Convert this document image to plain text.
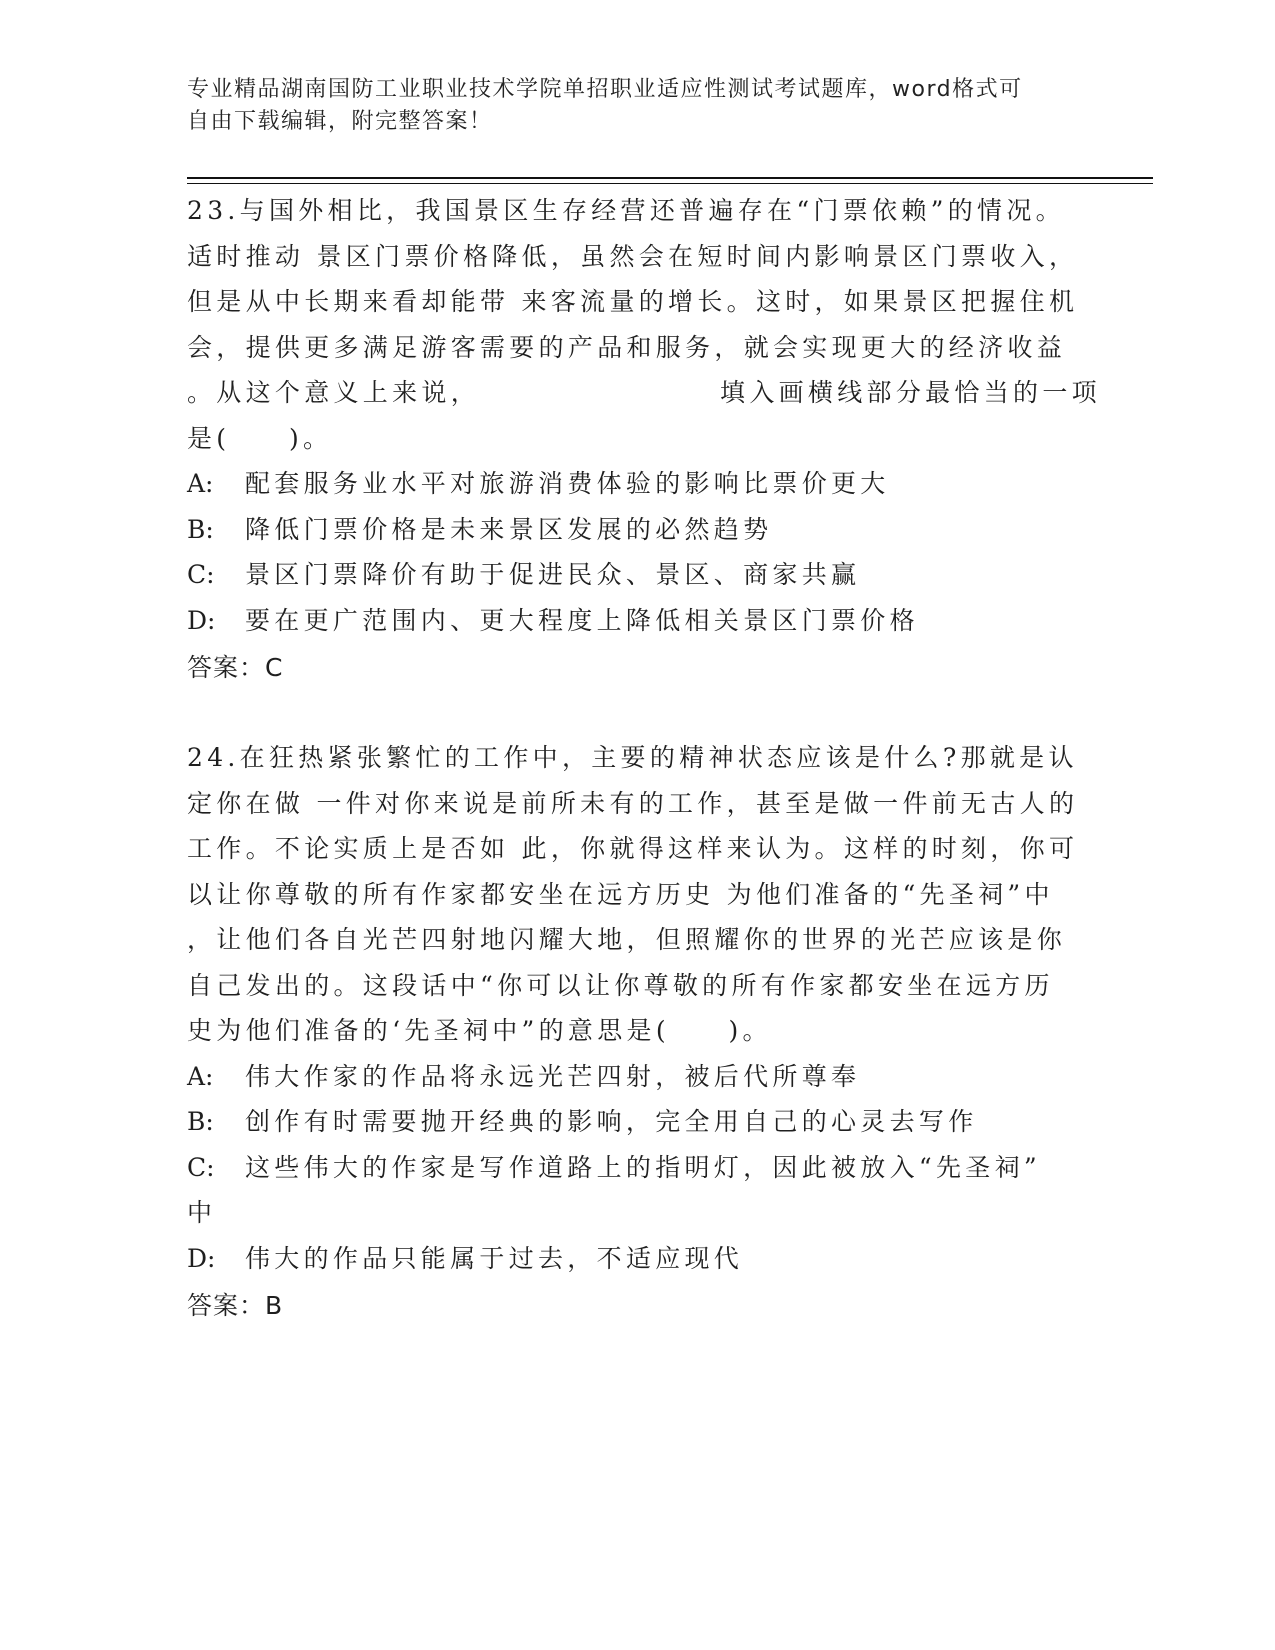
专业精品湖南国防工业职业技术学院单招职业适应性测试考试题库，word格式可
自由下载编辑，附完整答案！
23.与国外相比，我国景区生存经营还普遍存在“门票依赖”的情况。
适时推动 景区门票价格降低，虽然会在短时间内影响景区门票收入，
但是从中长期来看却能带 来客流量的增长。这时，如果景区把握住机
会，提供更多满足游客需要的产品和服务，就会实现更大的经济收益
。从这个意义上来说，	填入画横线部分最恰当的一项
是(　　)。
A: 配套服务业水平对旅游消费体验的影响比票价更大
B: 降低门票价格是未来景区发展的必然趋势
C: 景区门票降价有助于促进民众、景区、商家共赢
D: 要在更广范围内、更大程度上降低相关景区门票价格
答案：C
24.在狂热紧张繁忙的工作中，主要的精神状态应该是什么?那就是认
定你在做 一件对你来说是前所未有的工作，甚至是做一件前无古人的
工作。不论实质上是否如 此，你就得这样来认为。这样的时刻，你可
以让你尊敬的所有作家都安坐在远方历史 为他们准备的“先圣祠”中
，让他们各自光芒四射地闪耀大地，但照耀你的世界的光芒应该是你
自己发出的。这段话中“你可以让你尊敬的所有作家都安坐在远方历
史为他们准备的‘先圣祠中”的意思是(　　)。
A: 伟大作家的作品将永远光芒四射，被后代所尊奉
B: 创作有时需要抛开经典的影响，完全用自己的心灵去写作
C: 这些伟大的作家是写作道路上的指明灯，因此被放入“先圣祠”
中
D: 伟大的作品只能属于过去，不适应现代
答案：B
